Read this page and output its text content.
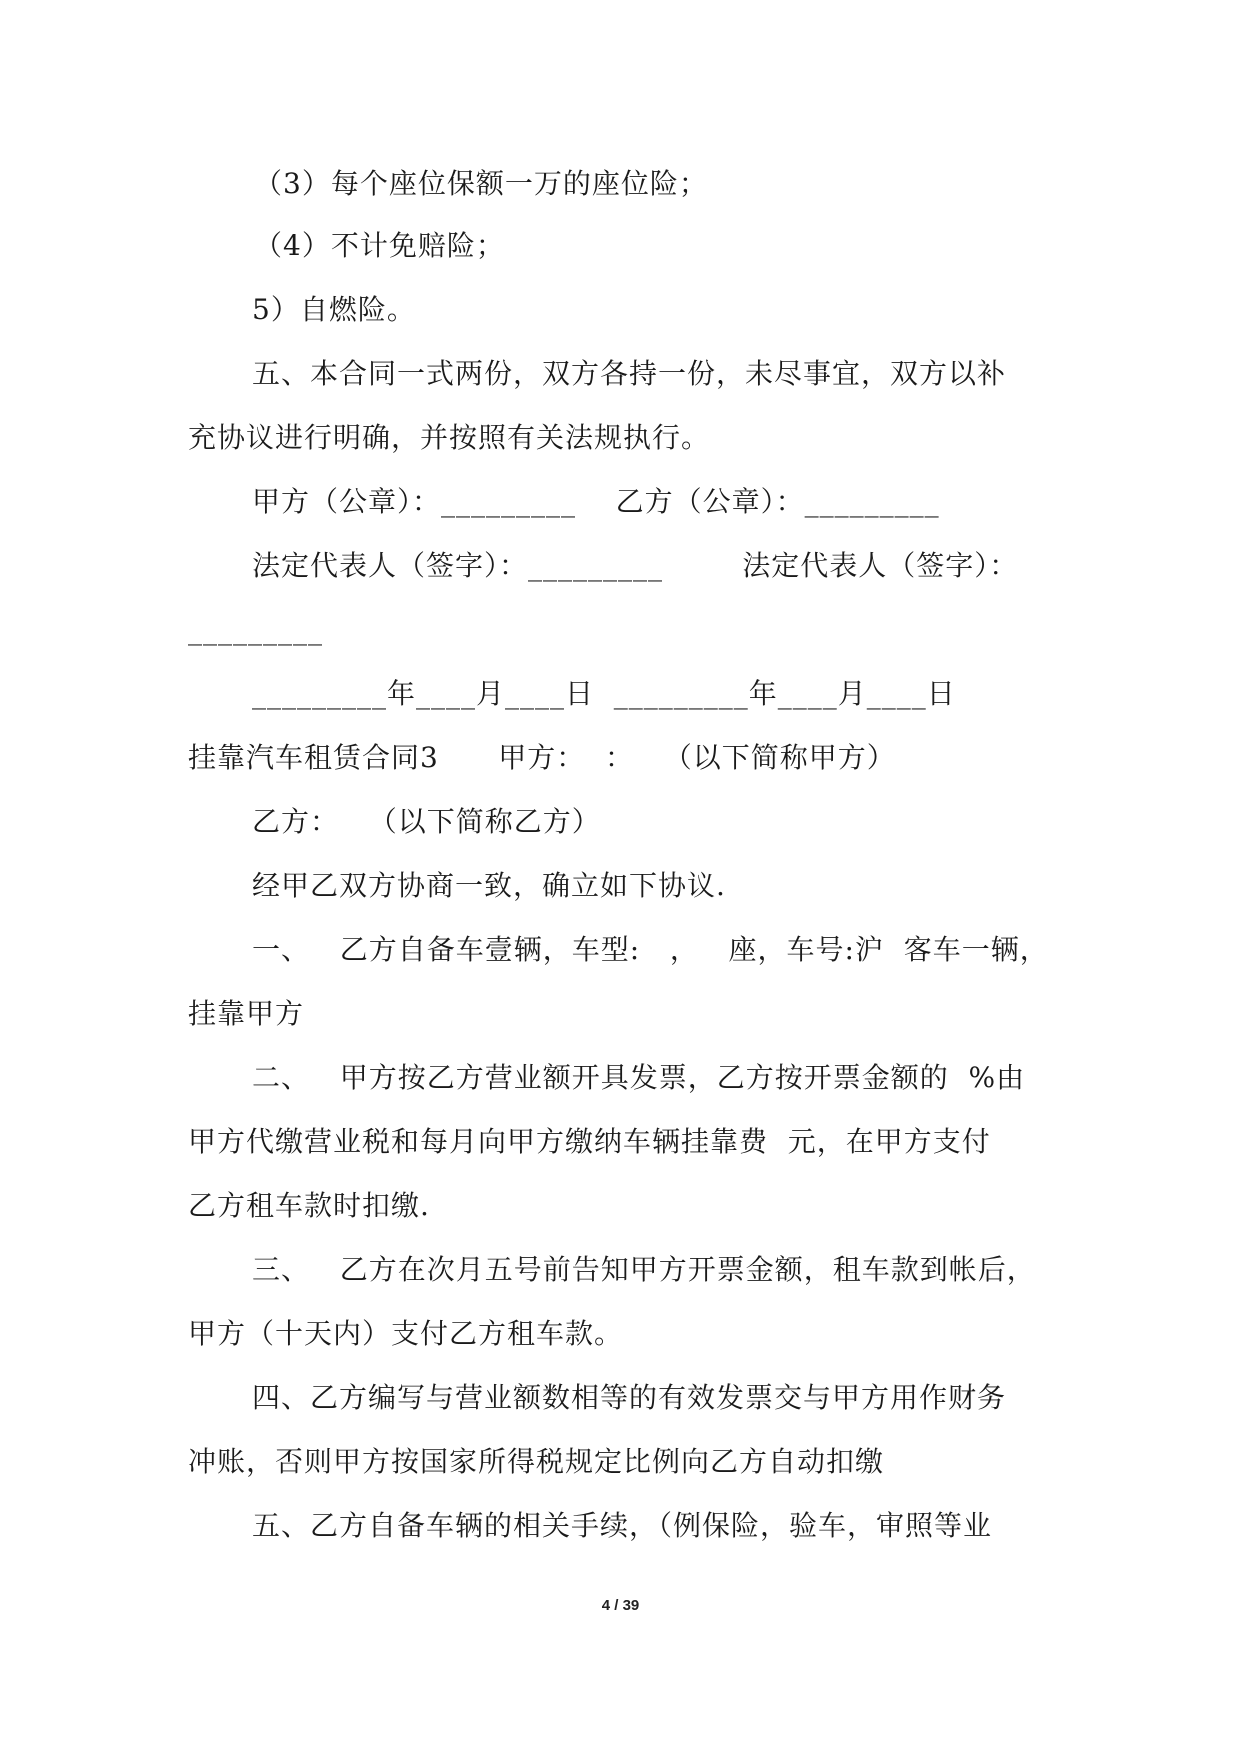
（3）每个座位保额一万的座位险；
（4）不计免赔险；
5）自燃险。
五、本合同一式两份，双方各持一份，未尽事宜，双方以补
充协议进行明确，并按照有关法规执行。
甲方（公章）：_________    乙方（公章）：_________
法定代表人（签字）：_________        法定代表人（签字）：
_________
_________年____月____日  _________年____月____日
挂靠汽车租赁合同3      甲方：  ：   （以下简称甲方）
乙方：   （以下简称乙方）
经甲乙双方协商一致，确立如下协议.
一、   乙方自备车壹辆，车型:   ，   座，车号:沪  客车一辆，
挂靠甲方
二、   甲方按乙方营业额开具发票，乙方按开票金额的  %由
甲方代缴营业税和每月向甲方缴纳车辆挂靠费  元，在甲方支付
乙方租车款时扣缴.
三、   乙方在次月五号前告知甲方开票金额，租车款到帐后，
甲方（十天内）支付乙方租车款。
四、乙方编写与营业额数相等的有效发票交与甲方用作财务
冲账，否则甲方按国家所得税规定比例向乙方自动扣缴
五、乙方自备车辆的相关手续，（例保险，验车，审照等业
4 / 39
